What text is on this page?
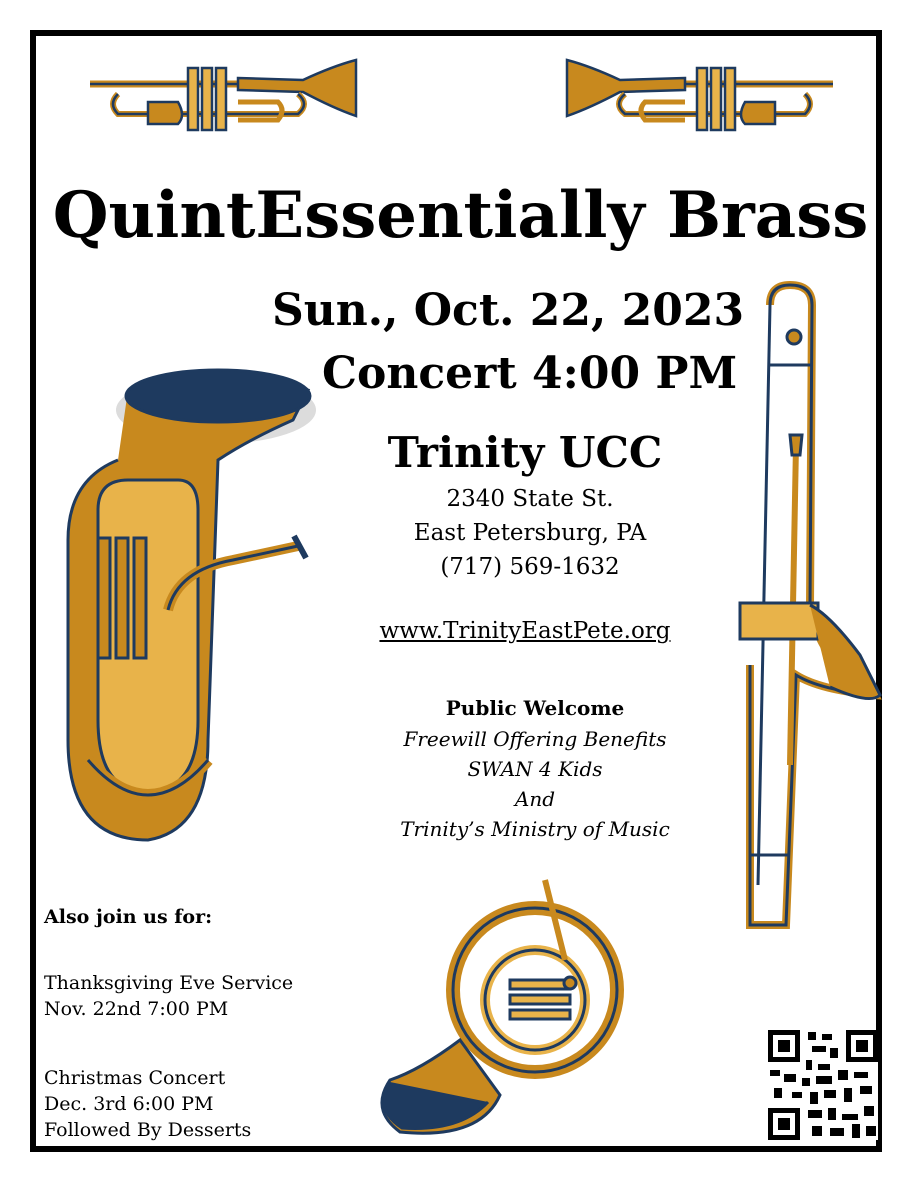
QuintEssentially Brass
Sun., Oct. 22, 2023
Concert 4:00 PM
Trinity UCC
2340 State St.
East Petersburg, PA
(717) 569-1632
www.TrinityEastPete.org
Public Welcome
Freewill Offering Benefits
SWAN 4 Kids
And
Trinity’s Ministry of Music
Also join us for:
Thanksgiving Eve Service
Nov. 22nd 7:00 PM
Christmas Concert
Dec. 3rd 6:00 PM
Followed By Desserts
